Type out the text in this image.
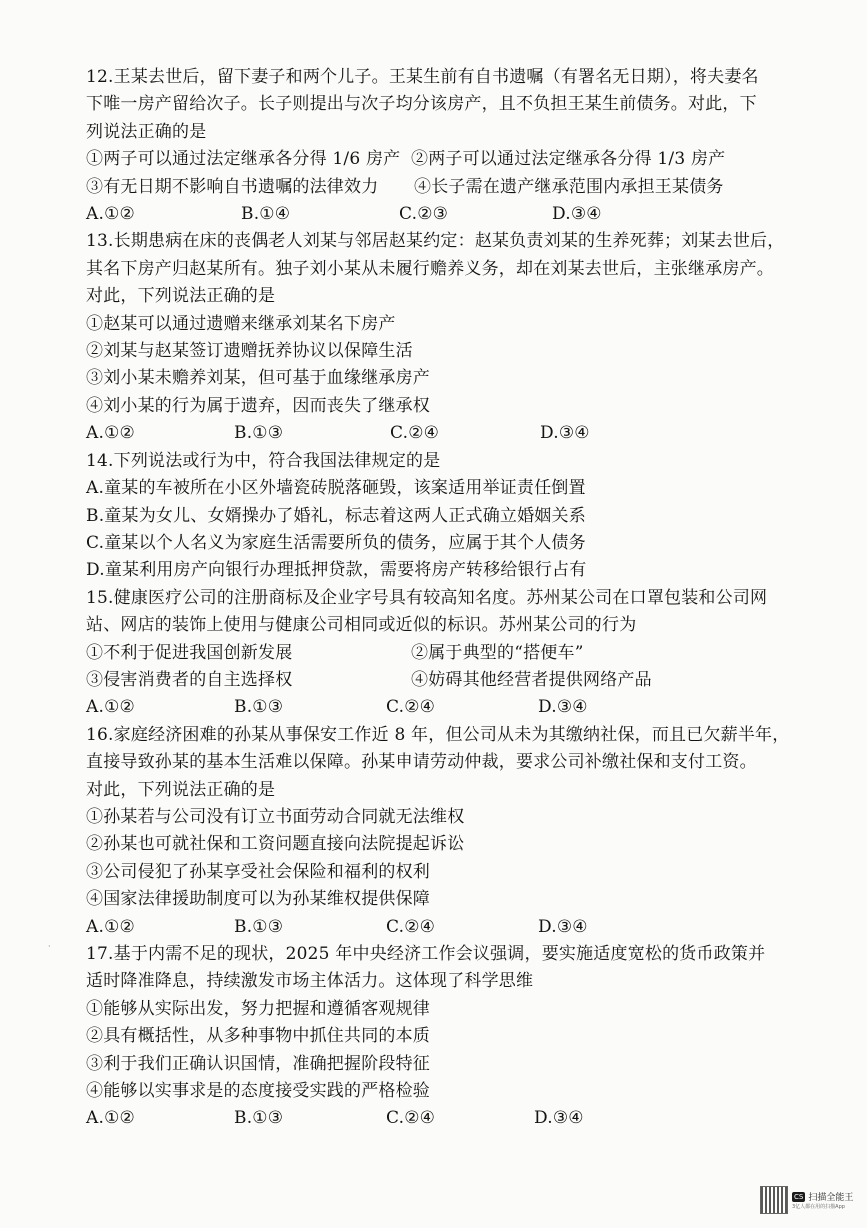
12.王某去世后，留下妻子和两个儿子。王某生前有自书遗嘱（有署名无日期），将夫妻名
下唯一房产留给次子。长子则提出与次子均分该房产，且不负担王某生前债务。对此，下
列说法正确的是
①两子可以通过法定继承各分得 1/6 房产 ②两子可以通过法定继承各分得 1/3 房产
③有无日期不影响自书遗嘱的法律效力	④长子需在遗产继承范围内承担王某债务
A.①②	B.①④	C.②③	D.③④
13.长期患病在床的丧偶老人刘某与邻居赵某约定：赵某负责刘某的生养死葬；刘某去世后，
其名下房产归赵某所有。独子刘小某从未履行赡养义务，却在刘某去世后，主张继承房产。
对此，下列说法正确的是
①赵某可以通过遗赠来继承刘某名下房产
②刘某与赵某签订遗赠抚养协议以保障生活
③刘小某未赡养刘某，但可基于血缘继承房产
④刘小某的行为属于遗弃，因而丧失了继承权
A.①②	B.①③	C.②④	D.③④
14.下列说法或行为中，符合我国法律规定的是
A.童某的车被所在小区外墙瓷砖脱落砸毁，该案适用举证责任倒置
B.童某为女儿、女婿操办了婚礼，标志着这两人正式确立婚姻关系
C.童某以个人名义为家庭生活需要所负的债务，应属于其个人债务
D.童某利用房产向银行办理抵押贷款，需要将房产转移给银行占有
15.健康医疗公司的注册商标及企业字号具有较高知名度。苏州某公司在口罩包装和公司网
站、网店的装饰上使用与健康公司相同或近似的标识。苏州某公司的行为
①不利于促进我国创新发展	②属于典型的“搭便车”
③侵害消费者的自主选择权	④妨碍其他经营者提供网络产品
A.①②	B.①③	C.②④	D.③④
16.家庭经济困难的孙某从事保安工作近 8 年，但公司从未为其缴纳社保，而且已欠薪半年，
直接导致孙某的基本生活难以保障。孙某申请劳动仲裁，要求公司补缴社保和支付工资。
对此，下列说法正确的是
①孙某若与公司没有订立书面劳动合同就无法维权
②孙某也可就社保和工资问题直接向法院提起诉讼
③公司侵犯了孙某享受社会保险和福利的权利
④国家法律援助制度可以为孙某维权提供保障
A.①②	B.①③	C.②④	D.③④
17.基于内需不足的现状，2025 年中央经济工作会议强调，要实施适度宽松的货币政策并
适时降准降息，持续激发市场主体活力。这体现了科学思维
①能够从实际出发，努力把握和遵循客观规律
②具有概括性，从多种事物中抓住共同的本质
③利于我们正确认识国情，准确把握阶段特征
④能够以实事求是的态度接受实践的严格检验
A.①②	B.①③	C.②④	D.③④
·
CS 扫描全能王
3亿人都在用的扫描App
